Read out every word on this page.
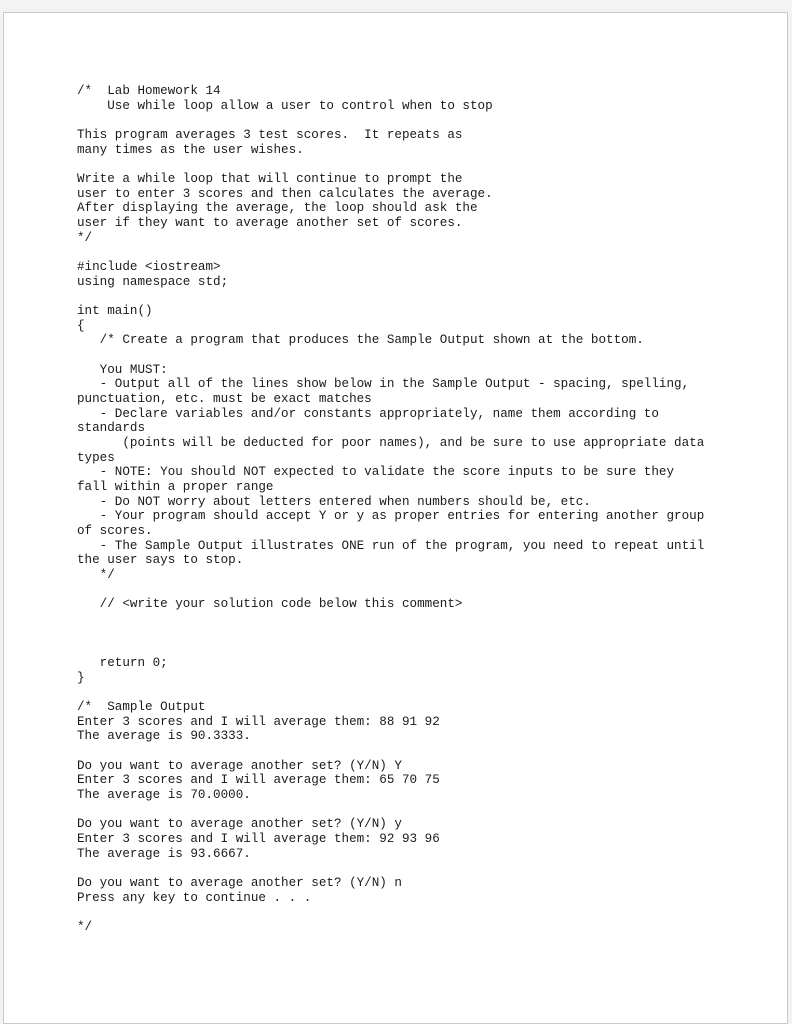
/*  Lab Homework 14
Use while loop allow a user to control when to stop
This program averages 3 test scores.  It repeats as
many times as the user wishes.
Write a while loop that will continue to prompt the
user to enter 3 scores and then calculates the average.
After displaying the average, the loop should ask the
user if they want to average another set of scores.
*/
#include <iostream>
using namespace std;
int main()
{
/* Create a program that produces the Sample Output shown at the bottom.
You MUST:
- Output all of the lines show below in the Sample Output - spacing, spelling,
punctuation, etc. must be exact matches
- Declare variables and/or constants appropriately, name them according to
standards
(points will be deducted for poor names), and be sure to use appropriate data
types
- NOTE: You should NOT expected to validate the score inputs to be sure they
fall within a proper range
- Do NOT worry about letters entered when numbers should be, etc.
- Your program should accept Y or y as proper entries for entering another group
of scores.
- The Sample Output illustrates ONE run of the program, you need to repeat until
the user says to stop.
*/
// <write your solution code below this comment>
return 0;
}
/*  Sample Output
Enter 3 scores and I will average them: 88 91 92
The average is 90.3333.
Do you want to average another set? (Y/N) Y
Enter 3 scores and I will average them: 65 70 75
The average is 70.0000.
Do you want to average another set? (Y/N) y
Enter 3 scores and I will average them: 92 93 96
The average is 93.6667.
Do you want to average another set? (Y/N) n
Press any key to continue . . .
*/
